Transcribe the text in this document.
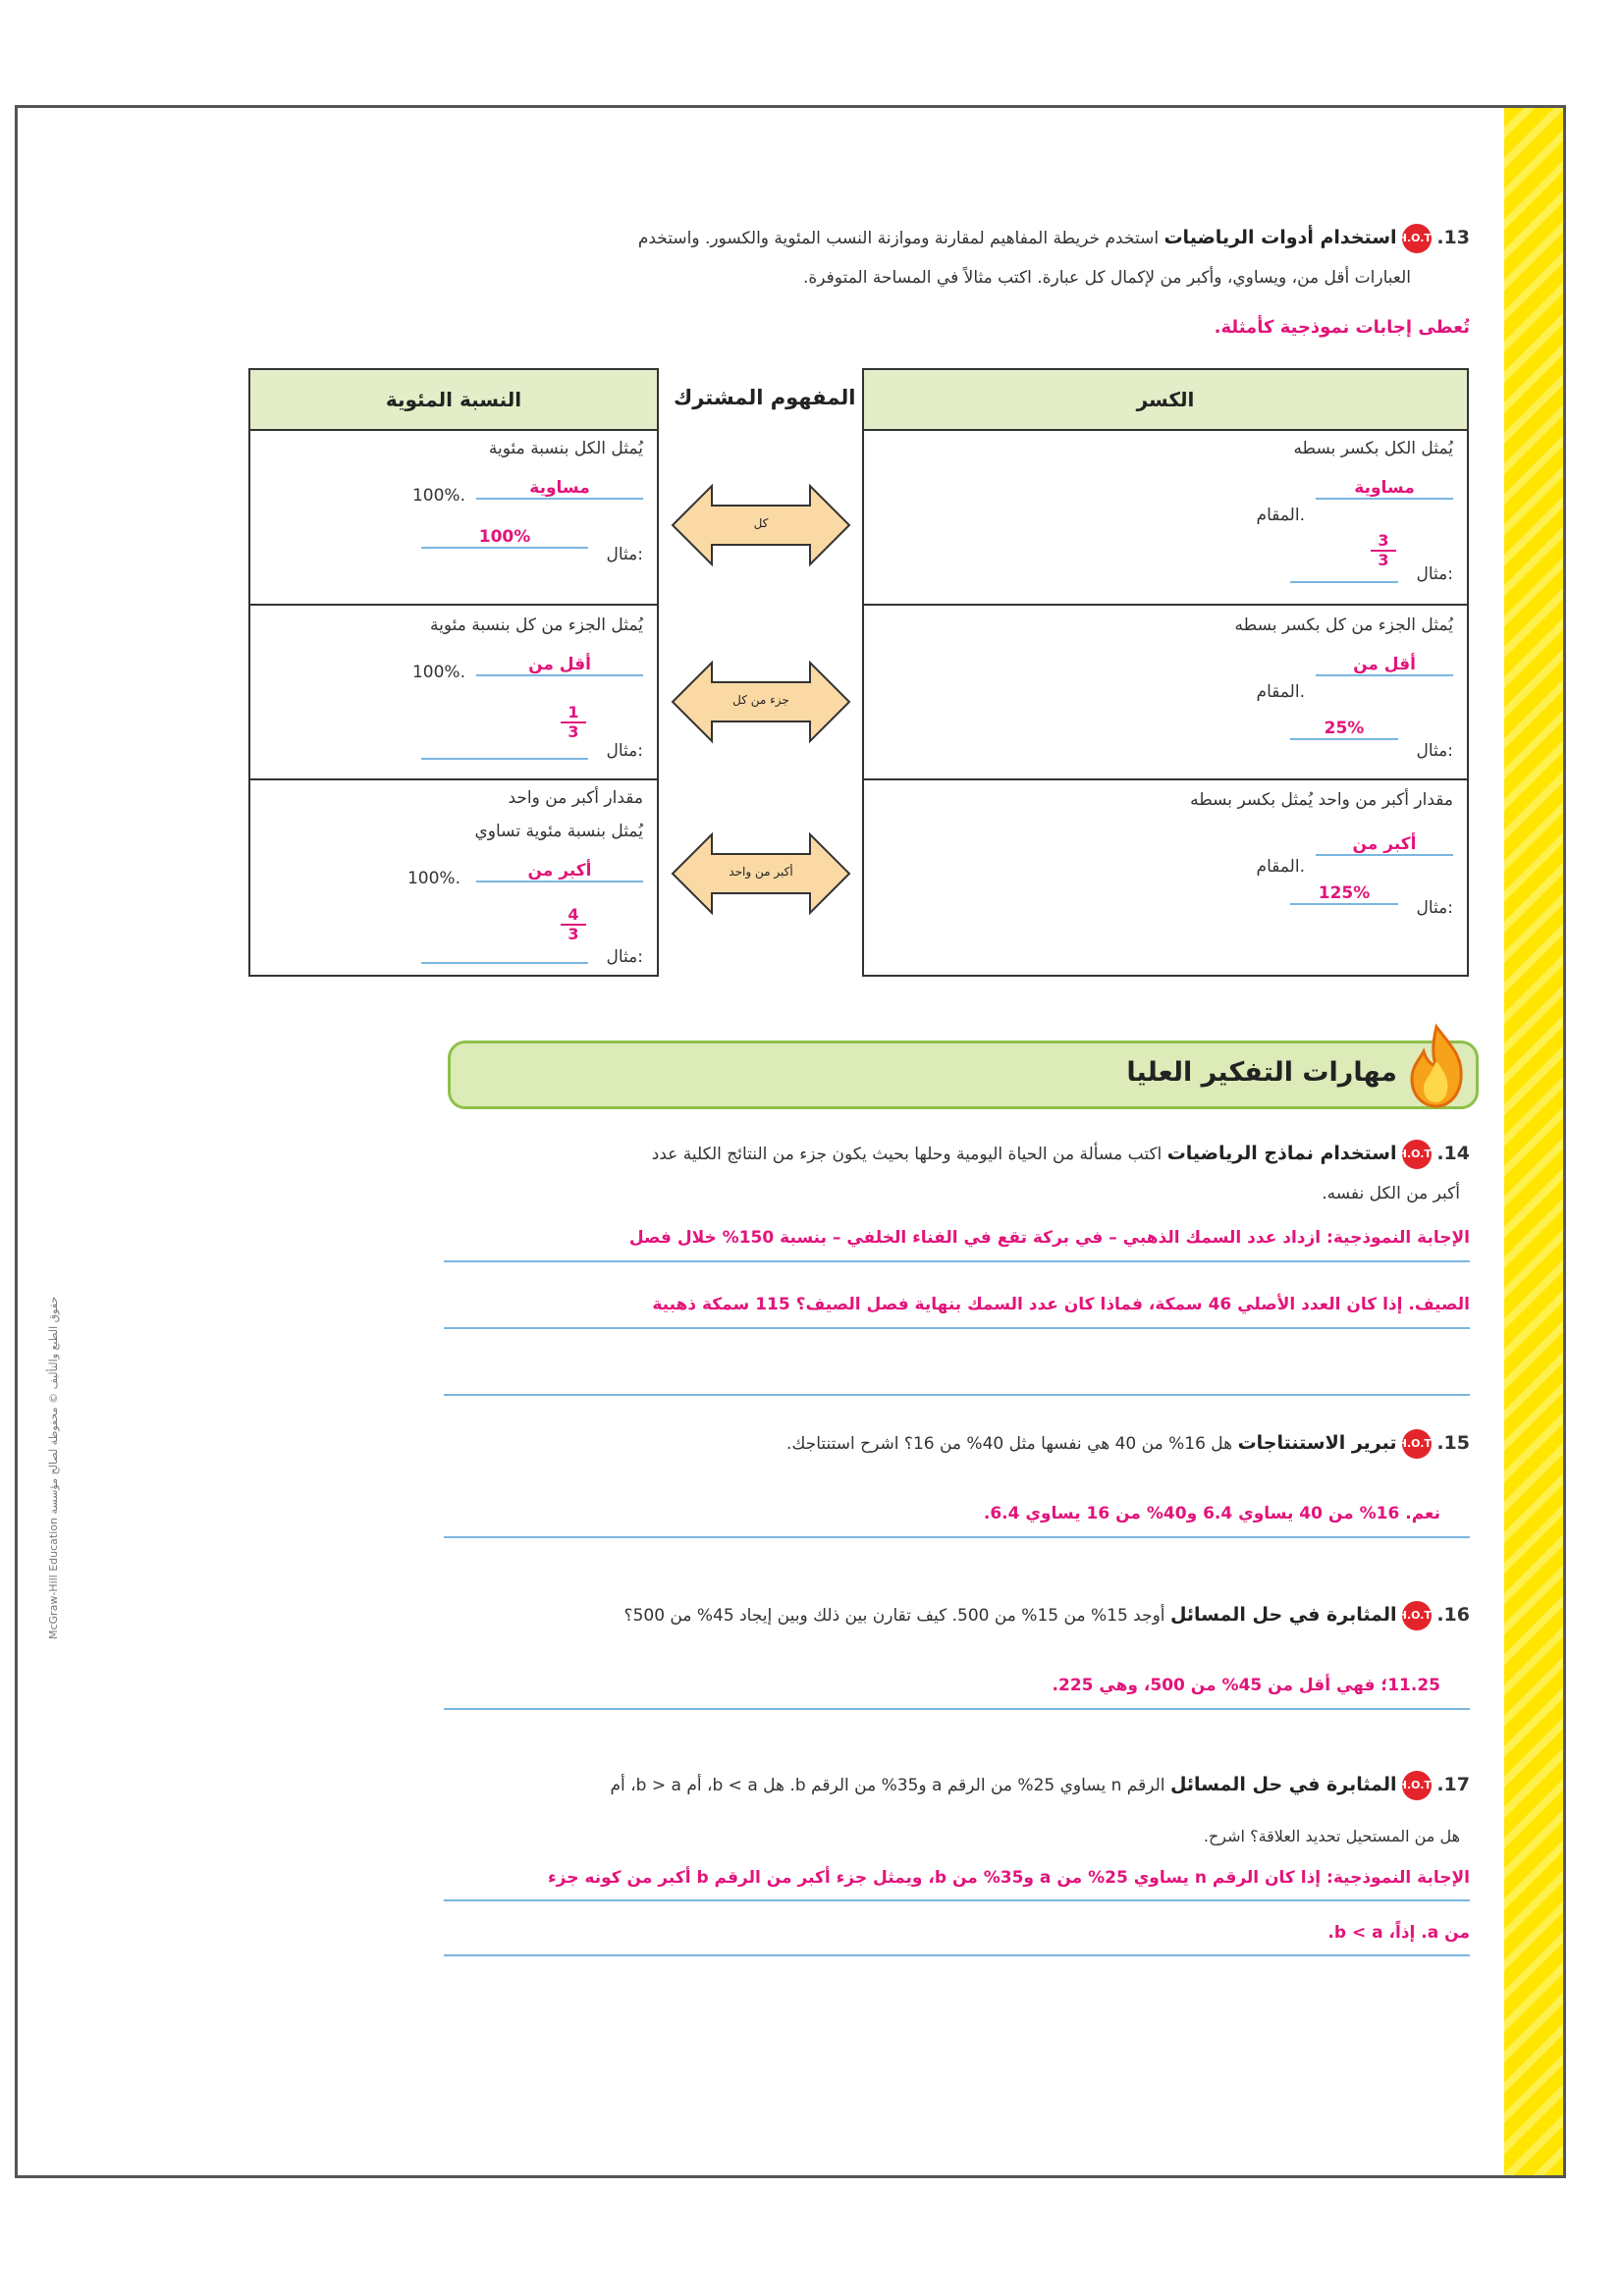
13. H.O.T استخدام أدوات الرياضيات استخدم خريطة المفاهيم لمقارنة وموازنة النسب المئوية والكسور. واستخدم
العبارات أقل من، ويساوي، وأكبر من لإكمال كل عبارة. اكتب مثالاً في المساحة المتوفرة.
تُعطى إجابات نموذجية كأمثلة.
الكسر
يُمثل الكل بكسر بسطه
مساوية
المقام.
مثال:
3
3
يُمثل الجزء من كل بكسر بسطه
أقل من
المقام.
مثال:
25%
مقدار أكبر من واحد يُمثل بكسر بسطه
أكبر من
المقام.
مثال:
125%
النسبة المئوية
يُمثل الكل بنسبة مئوية
مساوية
100%.
مثال:
100%
يُمثل الجزء من كل بنسبة مئوية
أقل من
100%.
مثال:
1
3
مقدار أكبر من واحد
يُمثل بنسبة مئوية تساوي
أكبر من
100%.
مثال:
4
3
المفهوم المشترك
كل
جزء من كل
أكبر من واحد
مهارات التفكير العليا
14. H.O.T استخدام نماذج الرياضيات اكتب مسألة من الحياة اليومية وحلها بحيث يكون جزء من النتائج الكلية عدد
أكبر من الكل نفسه.
الإجابة النموذجية: ازداد عدد السمك الذهبي – في بركة تقع في الفناء الخلفي – بنسبة 150% خلال فصل
الصيف. إذا كان العدد الأصلي 46 سمكة، فماذا كان عدد السمك بنهاية فصل الصيف؟ 115 سمكة ذهبية
15. H.O.T تبرير الاستنتاجات هل 16% من 40 هي نفسها مثل 40% من 16؟ اشرح استنتاجك.
نعم. 16% من 40 يساوي 6.4 و40% من 16 يساوي 6.4.
16. H.O.T المثابرة في حل المسائل أوجد 15% من 15% من 500. كيف تقارن بين ذلك وبين إيجاد 45% من 500؟
11.25؛ فهي أقل من 45% من 500، وهي 225.
17. H.O.T المثابرة في حل المسائل الرقم n يساوي 25% من الرقم a و35% من الرقم b. هل b < a، أم b > a، أم
هل من المستحيل تحديد العلاقة؟ اشرح.
الإجابة النموذجية: إذا كان الرقم n يساوي 25% من a و35% من b، ويمثل جزء أكبر من الرقم b أكبر من كونه جزء
من a. إذاً، b < a.
حقوق الطبع والتأليف © محفوظة لصالح مؤسسة McGraw-Hill Education
